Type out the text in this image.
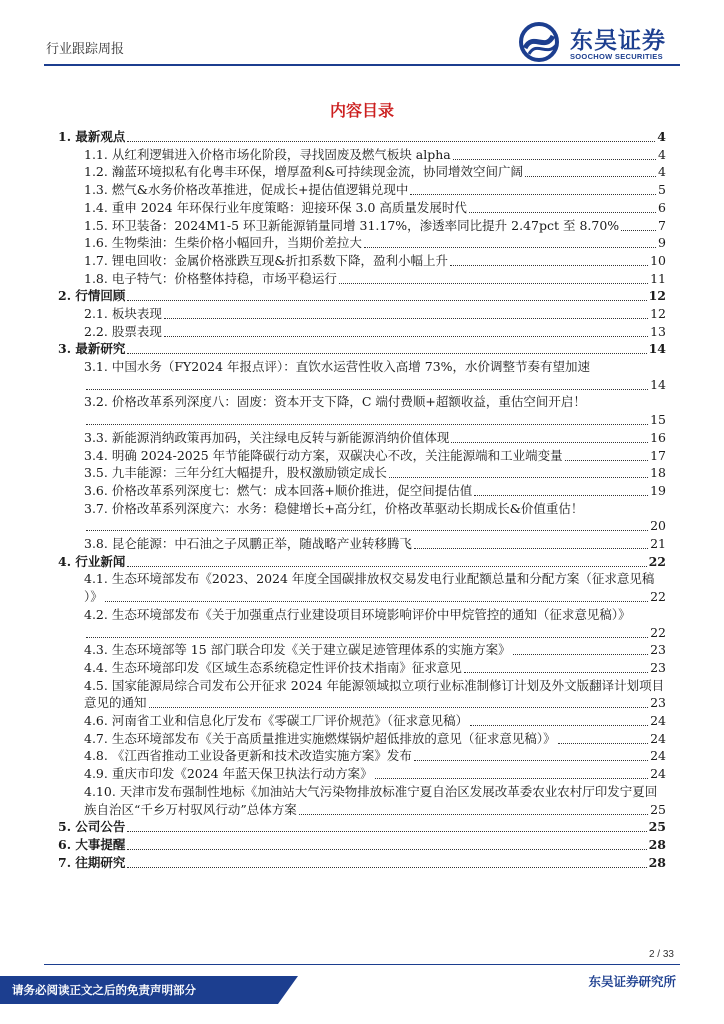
行业跟踪周报	东吴证券
SOOCHOW SECURITIES
内容目录
1. 最新观点	4
1.1. 从红利逻辑进入价格市场化阶段，寻找固废及燃气板块 alpha	4
1.2. 瀚蓝环境拟私有化粤丰环保，增厚盈利&可持续现金流，协同增效空间广阔	4
1.3. 燃气&水务价格改革推进，促成长+提估值逻辑兑现中	5
1.4. 重申 2024 年环保行业年度策略：迎接环保 3.0 高质量发展时代	6
1.5. 环卫装备：2024M1-5 环卫新能源销量同增 31.17%，渗透率同比提升 2.47pct 至 8.70%	7
1.6. 生物柴油：生柴价格小幅回升，当期价差拉大	9
1.7. 锂电回收：金属价格涨跌互现&折扣系数下降，盈利小幅上升	10
1.8. 电子特气：价格整体持稳，市场平稳运行	11
2. 行情回顾	12
2.1. 板块表现	12
2.2. 股票表现	13
3. 最新研究	14
3.1. 中国水务（FY2024 年报点评）：直饮水运营性收入高增 73%，水价调整节奏有望加速
14
3.2. 价格改革系列深度八：固废：资本开支下降，C 端付费顺+超额收益，重估空间开启！
15
3.3. 新能源消纳政策再加码，关注绿电反转与新能源消纳价值体现	16
3.4. 明确 2024-2025 年节能降碳行动方案，双碳决心不改，关注能源端和工业端变量	17
3.5. 九丰能源：三年分红大幅提升，股权激励锁定成长	18
3.6. 价格改革系列深度七：燃气：成本回落+顺价推进，促空间提估值	19
3.7. 价格改革系列深度六：水务：稳健增长+高分红，价格改革驱动长期成长&价值重估！
20
3.8. 昆仑能源：中石油之子凤鹏正举，随战略产业转移腾飞	21
4. 行业新闻	22
4.1. 生态环境部发布《2023、2024 年度全国碳排放权交易发电行业配额总量和分配方案（征求意见稿
）》	22
4.2. 生态环境部发布《关于加强重点行业建设项目环境影响评价中甲烷管控的通知（征求意见稿）》
22
4.3. 生态环境部等 15 部门联合印发《关于建立碳足迹管理体系的实施方案》	23
4.4. 生态环境部印发《区域生态系统稳定性评价技术指南》征求意见	23
4.5. 国家能源局综合司发布公开征求 2024 年能源领域拟立项行业标准制修订计划及外文版翻译计划项目
意见的通知	23
4.6. 河南省工业和信息化厅发布《零碳工厂评价规范》（征求意见稿）	24
4.7. 生态环境部发布《关于高质量推进实施燃煤锅炉超低排放的意见（征求意见稿）》	24
4.8. 《江西省推动工业设备更新和技术改造实施方案》发布	24
4.9. 重庆市印发《2024 年蓝天保卫执法行动方案》	24
4.10. 天津市发布强制性地标《加油站大气污染物排放标准宁夏自治区发展改革委农业农村厅印发宁夏回
族自治区“千乡万村驭风行动”总体方案	25
5. 公司公告	25
6. 大事提醒	28
7. 往期研究	28
2 / 33
东吴证券研究所
请务必阅读正文之后的免责声明部分
